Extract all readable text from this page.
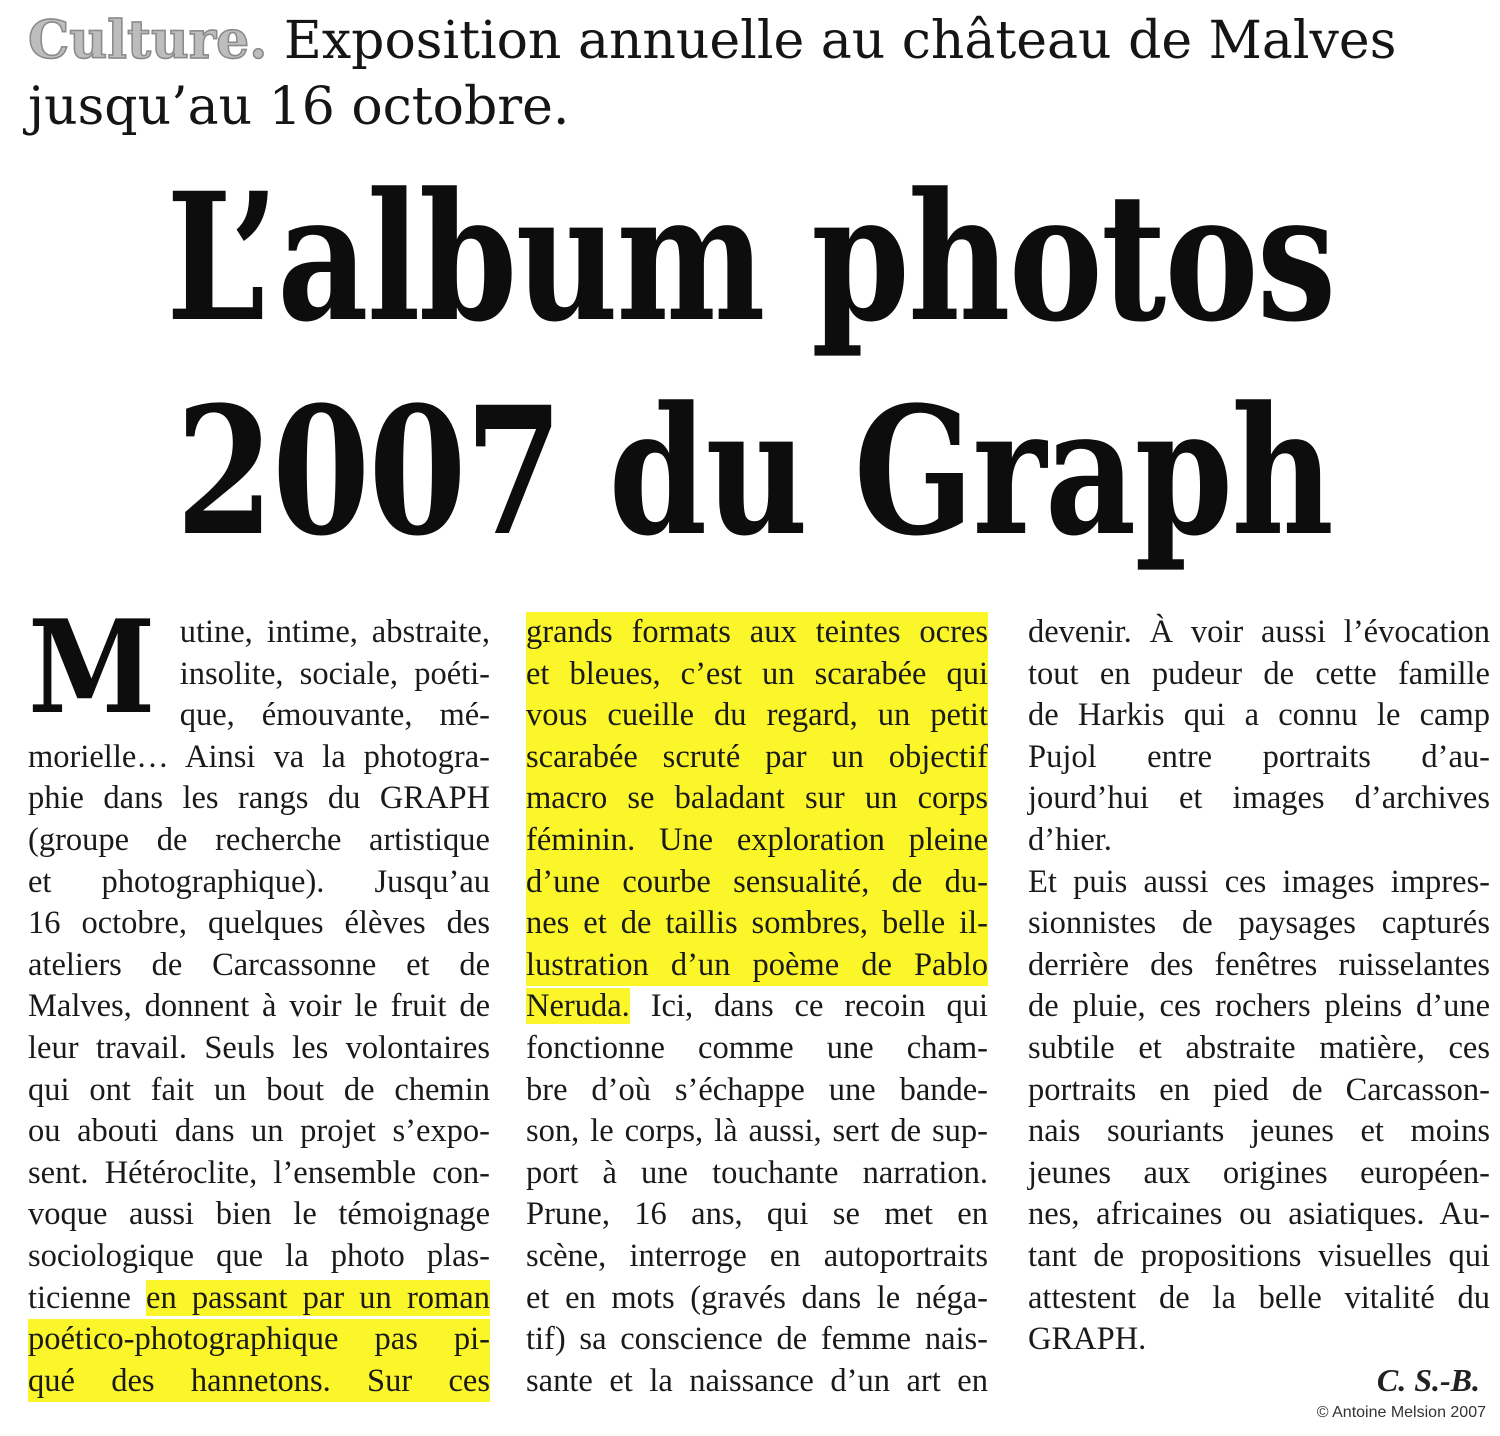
Culture. Exposition annuelle au château de Malves jusqu’au 16 octobre.
L’album photos
2007 du Graph
M utine, intime, abstraite,
insolite, sociale, poéti-
que, émouvante, mé-
morielle… Ainsi va la photogra-
phie dans les rangs du GRAPH
(groupe de recherche artistique
et photographique). Jusqu’au
16 octobre, quelques élèves des
ateliers de Carcassonne et de
Malves, donnent à voir le fruit de
leur travail. Seuls les volontaires
qui ont fait un bout de chemin
ou abouti dans un projet s’expo-
sent. Hétéroclite, l’ensemble con-
voque aussi bien le témoignage
sociologique que la photo plas-
ticienne en passant par un roman
poético-photographique pas pi-
qué des hannetons. Sur ces
grands formats aux teintes ocres
et bleues, c’est un scarabée qui
vous cueille du regard, un petit
scarabée scruté par un objectif
macro se baladant sur un corps
féminin. Une exploration pleine
d’une courbe sensualité, de du-
nes et de taillis sombres, belle il-
lustration d’un poème de Pablo
Neruda. Ici, dans ce recoin qui
fonctionne comme une cham-
bre d’où s’échappe une bande-
son, le corps, là aussi, sert de sup-
port à une touchante narration.
Prune, 16 ans, qui se met en
scène, interroge en autoportraits
et en mots (gravés dans le néga-
tif) sa conscience de femme nais-
sante et la naissance d’un art en
devenir. À voir aussi l’évocation
tout en pudeur de cette famille
de Harkis qui a connu le camp
Pujol entre portraits d’au-
jourd’hui et images d’archives
d’hier.
Et puis aussi ces images impres-
sionnistes de paysages capturés
derrière des fenêtres ruisselantes
de pluie, ces rochers pleins d’une
subtile et abstraite matière, ces
portraits en pied de Carcasson-
nais souriants jeunes et moins
jeunes aux origines européen-
nes, africaines ou asiatiques. Au-
tant de propositions visuelles qui
attestent de la belle vitalité du
GRAPH.
C. S.-B.
© Antoine Melsion 2007
